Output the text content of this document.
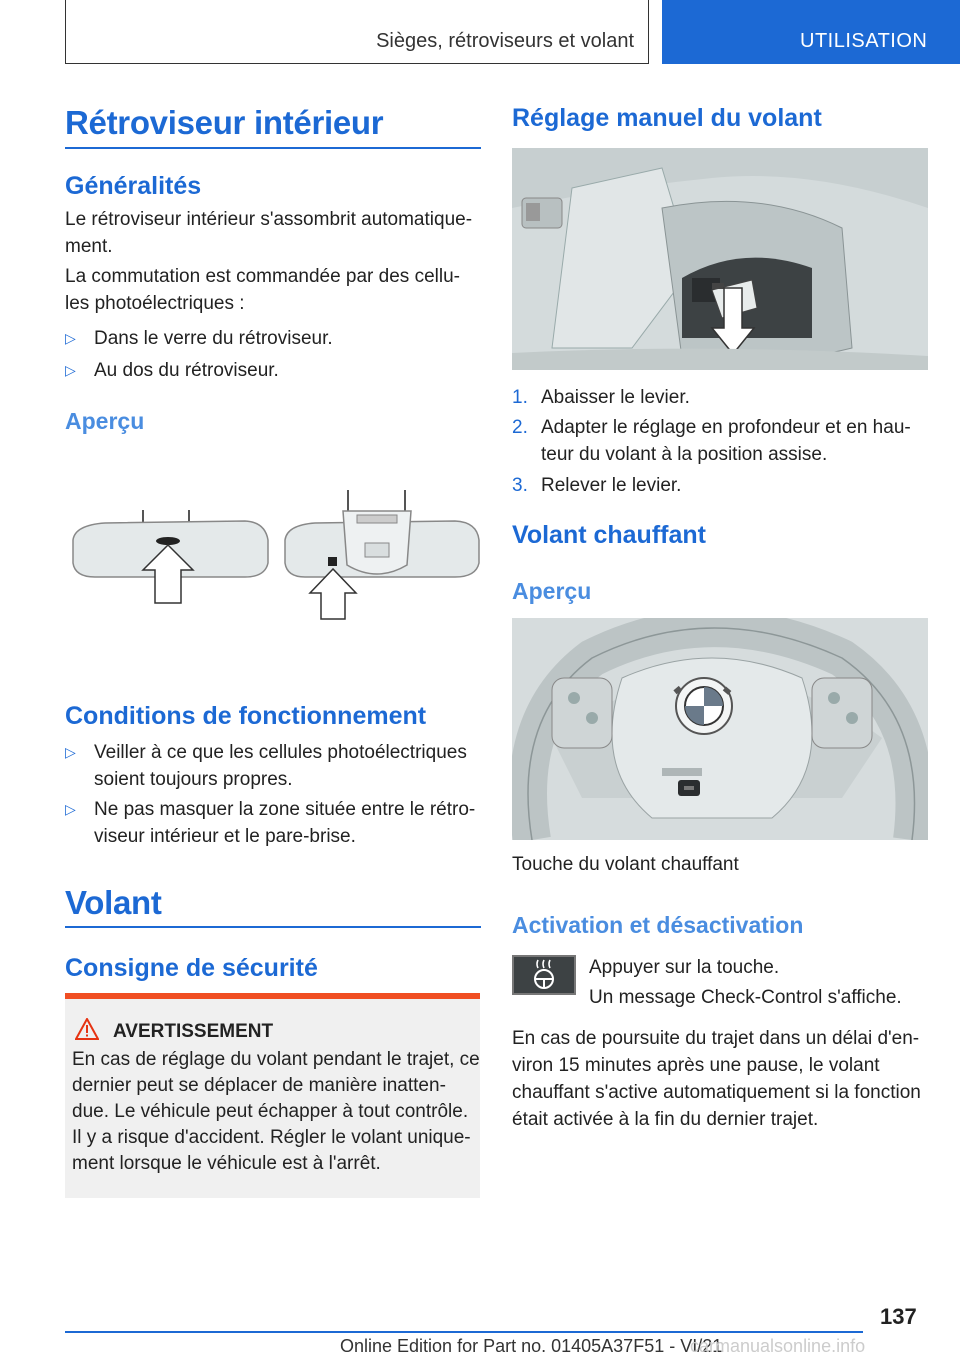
Sièges, rétroviseurs et volant	UTILISATION
Rétroviseur intérieur
Généralités
Le rétroviseur intérieur s'assombrit automatique-ment.
La commutation est commandée par des cellu-les photoélectriques :
▷ Dans le verre du rétroviseur.
▷ Au dos du rétroviseur.
Aperçu
Conditions de fonctionnement
▷ Veiller à ce que les cellules photoélectriques soient toujours propres.
▷ Ne pas masquer la zone située entre le rétro-viseur intérieur et le pare-brise.
Volant
Consigne de sécurité
AVERTISSEMENT
En cas de réglage du volant pendant le trajet, ce dernier peut se déplacer de manière inatten-due. Le véhicule peut échapper à tout contrôle. Il y a risque d'accident. Régler le volant unique-ment lorsque le véhicule est à l'arrêt.
Réglage manuel du volant
1. Abaisser le levier.
2. Adapter le réglage en profondeur et en hau-teur du volant à la position assise.
3. Relever le levier.
Volant chauffant
Aperçu
Touche du volant chauffant
Activation et désactivation
Appuyer sur la touche.
Un message Check-Control s'affiche.
En cas de poursuite du trajet dans un délai d'en-viron 15 minutes après une pause, le volant chauffant s'active automatiquement si la fonction était activée à la fin du dernier trajet.
137
Online Edition for Part no. 01405A37F51 - VI/21
carmanualsonline.info
